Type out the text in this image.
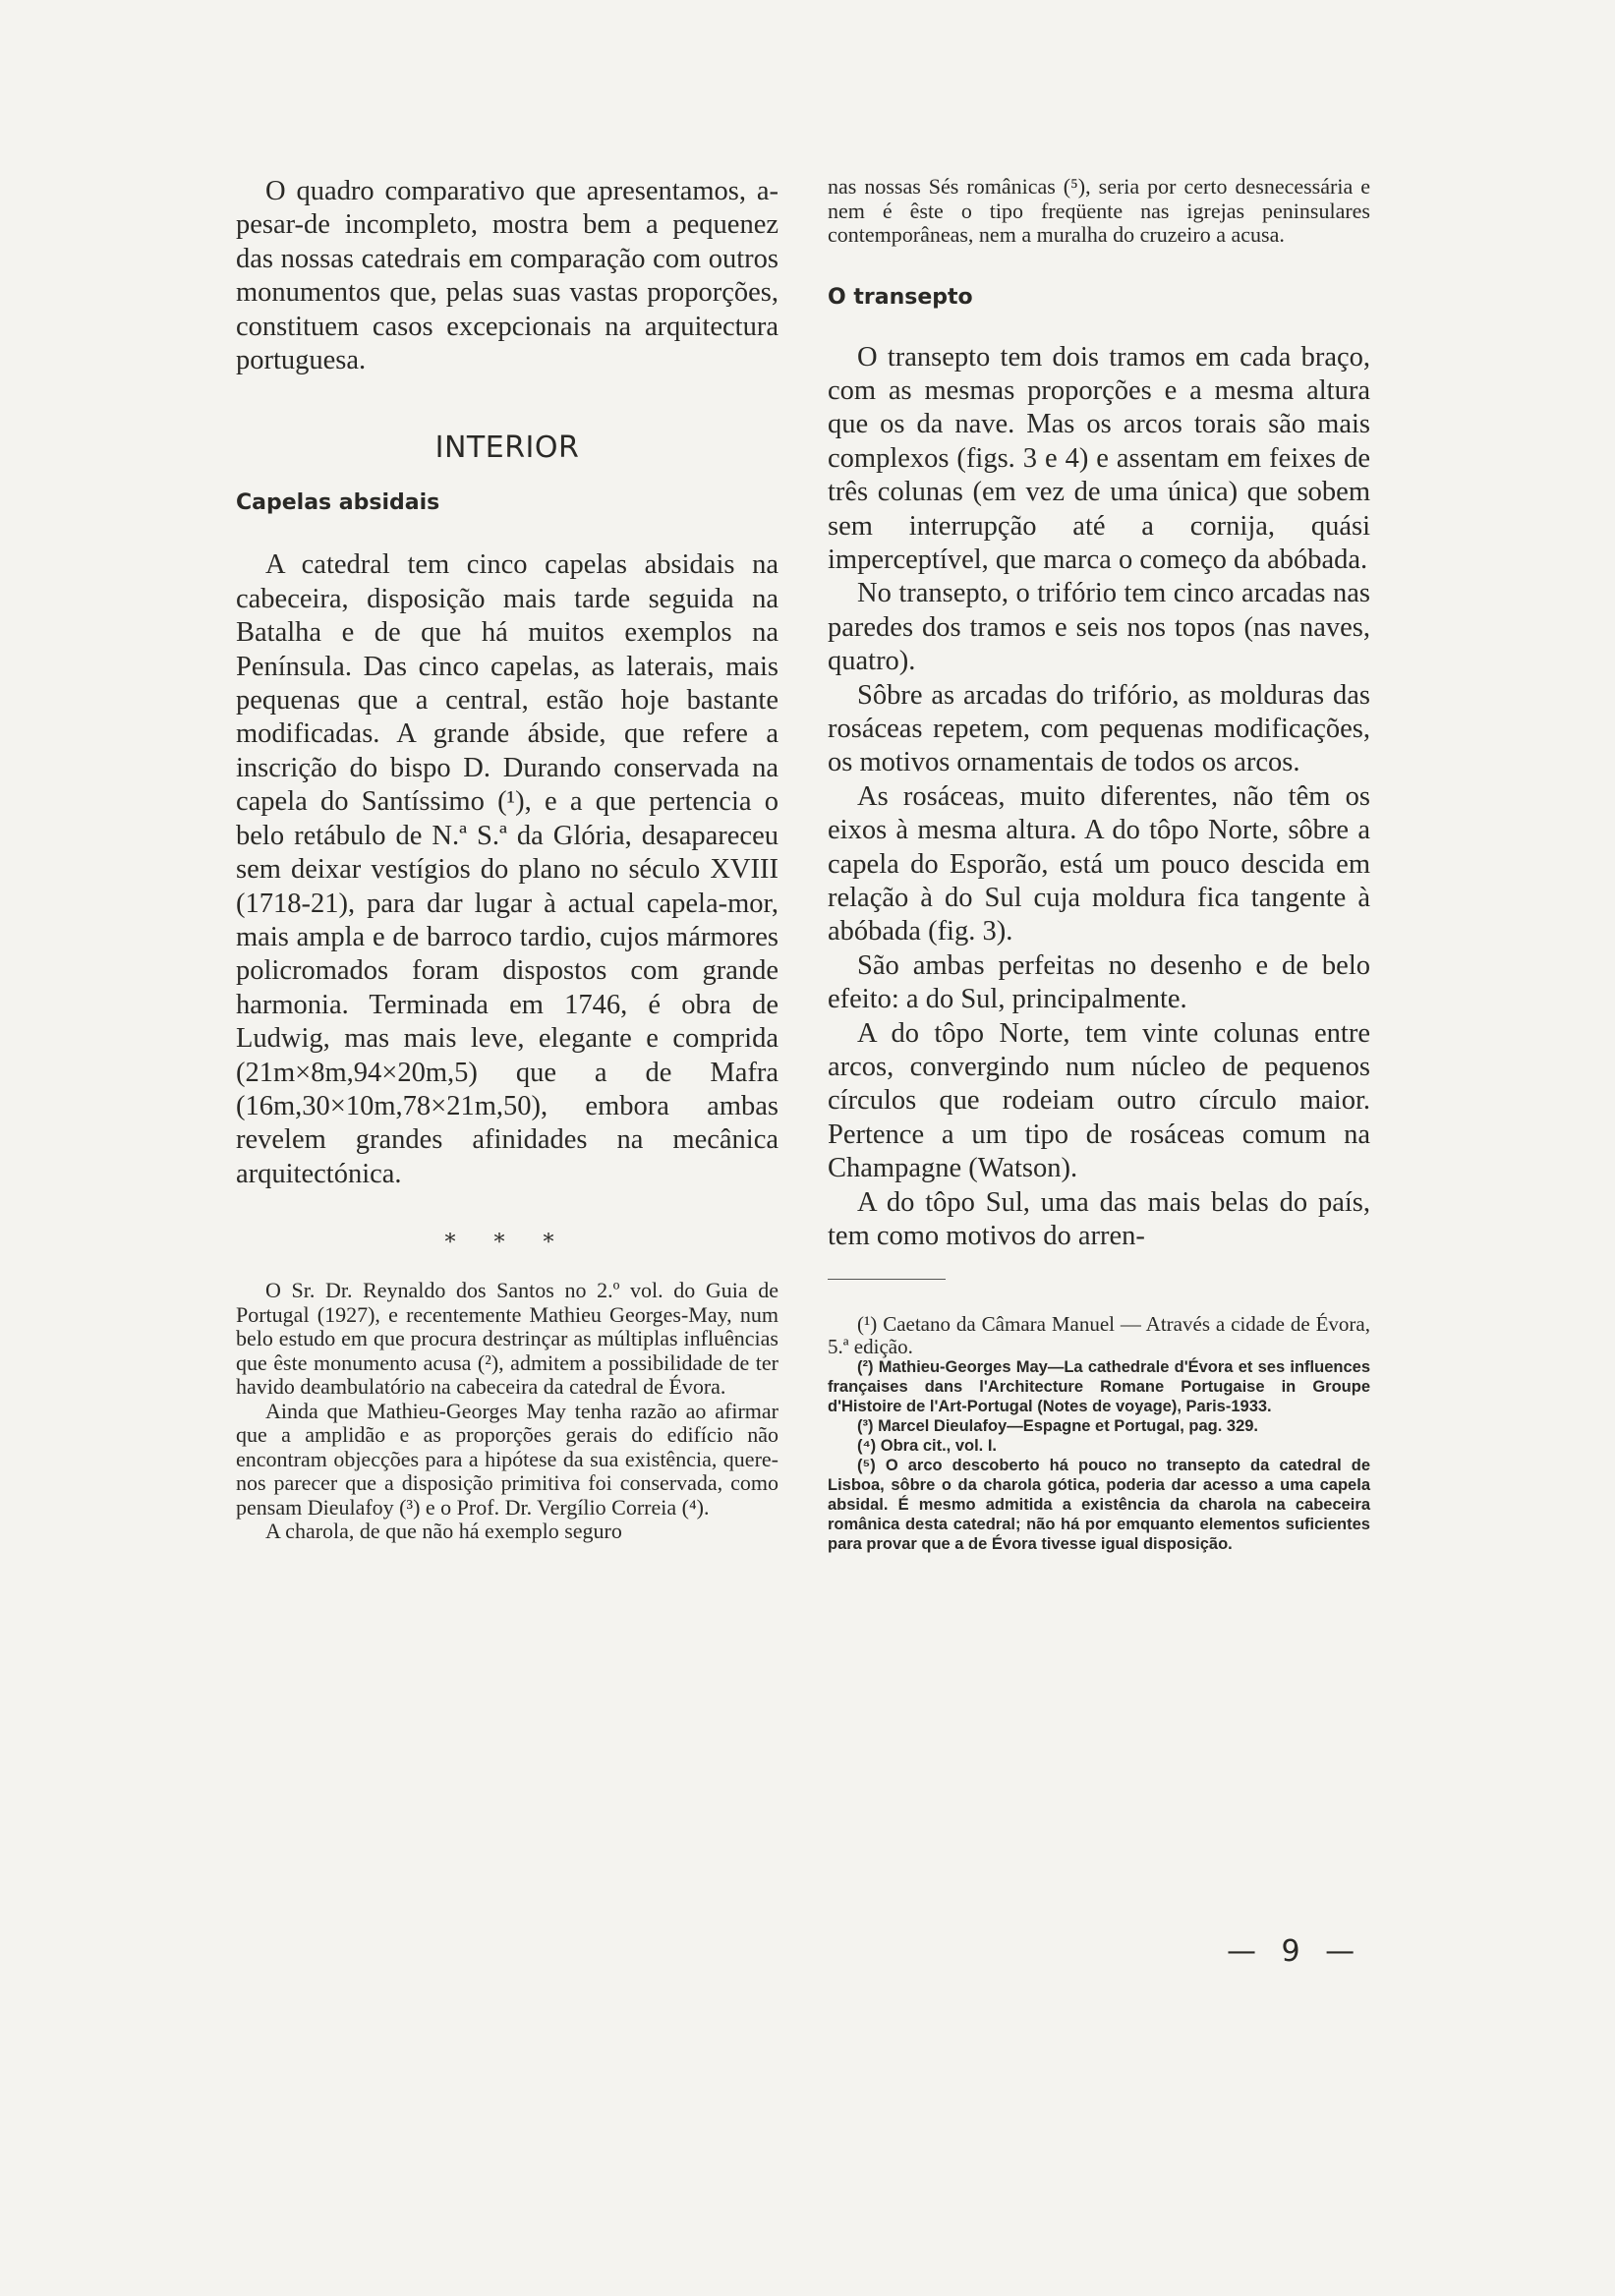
O quadro comparativo que apresentamos, a-pesar-de incompleto, mostra bem a pequenez das nossas catedrais em comparação com outros monumentos que, pelas suas vastas proporções, constituem casos excepcionais na arquitectura portuguesa.

INTERIOR

Capelas absidais

A catedral tem cinco capelas absidais na cabeceira, disposição mais tarde seguida na Batalha e de que há muitos exemplos na Península. Das cinco capelas, as laterais, mais pequenas que a central, estão hoje bastante modificadas. A grande ábside, que refere a inscrição do bispo D. Durando conservada na capela do Santíssimo (¹), e a que pertencia o belo retábulo de N.ª S.ª da Glória, desapareceu sem deixar vestígios do plano no século XVIII (1718-21), para dar lugar à actual capela-mor, mais ampla e de barroco tardio, cujos mármores policromados foram dispostos com grande harmonia. Terminada em 1746, é obra de Ludwig, mas mais leve, elegante e comprida (21m×8m,94×20m,5) que a de Mafra (16m,30×10m,78×21m,50), embora ambas revelem grandes afinidades na mecânica arquitectónica.

* * *

O Sr. Dr. Reynaldo dos Santos no 2.º vol. do Guia de Portugal (1927), e recentemente Mathieu Georges-May, num belo estudo em que procura destrinçar as múltiplas influências que êste monumento acusa (²), admitem a possibilidade de ter havido deambulatório na cabeceira da catedral de Évora.

Ainda que Mathieu-Georges May tenha razão ao afirmar que a amplidão e as proporções gerais do edifício não encontram objecções para a hipótese da sua existência, quere-nos parecer que a disposição primitiva foi conservada, como pensam Dieulafoy (³) e o Prof. Dr. Vergílio Correia (⁴).

A charola, de que não há exemplo seguro

nas nossas Sés românicas (⁵), seria por certo desnecessária e nem é êste o tipo freqüente nas igrejas peninsulares contemporâneas, nem a muralha do cruzeiro a acusa.

O transepto

O transepto tem dois tramos em cada braço, com as mesmas proporções e a mesma altura que os da nave. Mas os arcos torais são mais complexos (figs. 3 e 4) e assentam em feixes de três colunas (em vez de uma única) que sobem sem interrupção até a cornija, quási imperceptível, que marca o começo da abóbada.

No transepto, o trifório tem cinco arcadas nas paredes dos tramos e seis nos topos (nas naves, quatro).

Sôbre as arcadas do trifório, as molduras das rosáceas repetem, com pequenas modificações, os motivos ornamentais de todos os arcos.

As rosáceas, muito diferentes, não têm os eixos à mesma altura. A do tôpo Norte, sôbre a capela do Esporão, está um pouco descida em relação à do Sul cuja moldura fica tangente à abóbada (fig. 3).

São ambas perfeitas no desenho e de belo efeito: a do Sul, principalmente.

A do tôpo Norte, tem vinte colunas entre arcos, convergindo num núcleo de pequenos círculos que rodeiam outro círculo maior. Pertence a um tipo de rosáceas comum na Champagne (Watson).

A do tôpo Sul, uma das mais belas do país, tem como motivos do arren-

(¹) Caetano da Câmara Manuel — Através a cidade de Évora, 5.ª edição.

(²) Mathieu-Georges May—La cathedrale d'Évora et ses influences françaises dans l'Architecture Romane Portugaise in Groupe d'Histoire de l'Art-Portugal (Notes de voyage), Paris-1933.

(³) Marcel Dieulafoy—Espagne et Portugal, pag. 329.

(⁴) Obra cit., vol. I.

(⁵) O arco descoberto há pouco no transepto da catedral de Lisboa, sôbre o da charola gótica, poderia dar acesso a uma capela absidal. É mesmo admitida a existência da charola na cabeceira românica desta catedral; não há por emquanto elementos suficientes para provar que a de Évora tivesse igual disposição.

— 9 —
